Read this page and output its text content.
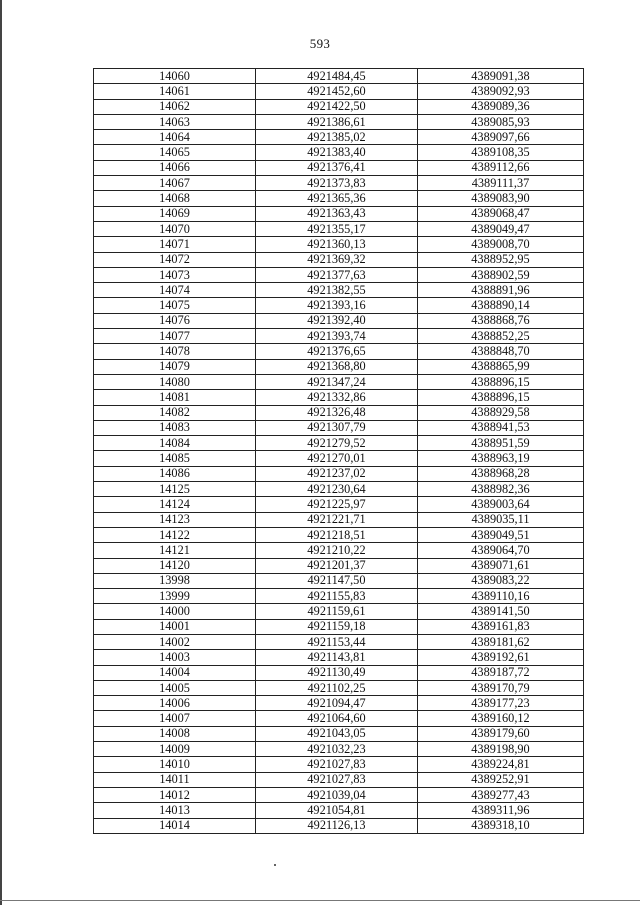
593
14060	4921484,45	4389091,38
14061	4921452,60	4389092,93
14062	4921422,50	4389089,36
14063	4921386,61	4389085,93
14064	4921385,02	4389097,66
14065	4921383,40	4389108,35
14066	4921376,41	4389112,66
14067	4921373,83	4389111,37
14068	4921365,36	4389083,90
14069	4921363,43	4389068,47
14070	4921355,17	4389049,47
14071	4921360,13	4389008,70
14072	4921369,32	4388952,95
14073	4921377,63	4388902,59
14074	4921382,55	4388891,96
14075	4921393,16	4388890,14
14076	4921392,40	4388868,76
14077	4921393,74	4388852,25
14078	4921376,65	4388848,70
14079	4921368,80	4388865,99
14080	4921347,24	4388896,15
14081	4921332,86	4388896,15
14082	4921326,48	4388929,58
14083	4921307,79	4388941,53
14084	4921279,52	4388951,59
14085	4921270,01	4388963,19
14086	4921237,02	4388968,28
14125	4921230,64	4388982,36
14124	4921225,97	4389003,64
14123	4921221,71	4389035,11
14122	4921218,51	4389049,51
14121	4921210,22	4389064,70
14120	4921201,37	4389071,61
13998	4921147,50	4389083,22
13999	4921155,83	4389110,16
14000	4921159,61	4389141,50
14001	4921159,18	4389161,83
14002	4921153,44	4389181,62
14003	4921143,81	4389192,61
14004	4921130,49	4389187,72
14005	4921102,25	4389170,79
14006	4921094,47	4389177,23
14007	4921064,60	4389160,12
14008	4921043,05	4389179,60
14009	4921032,23	4389198,90
14010	4921027,83	4389224,81
14011	4921027,83	4389252,91
14012	4921039,04	4389277,43
14013	4921054,81	4389311,96
14014	4921126,13	4389318,10
